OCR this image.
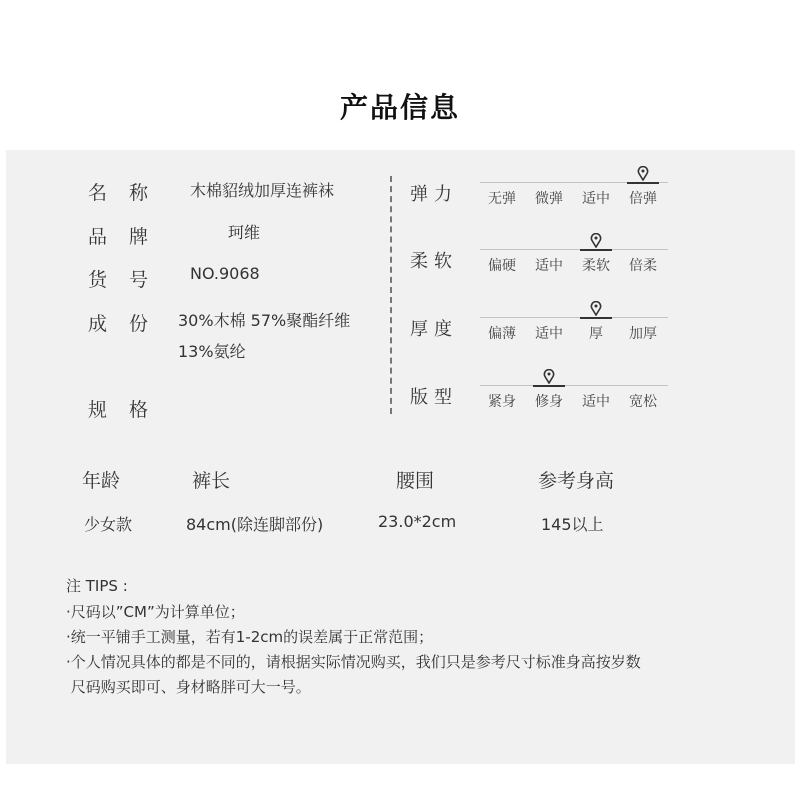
产品信息
名 称	木棉貂绒加厚连裤袜
品 牌	珂维
货 号	NO.9068
成 份 30%木棉 57%聚酯纤维
13%氨纶
规 格
弹力	无弹	微弹	适中	倍弹
柔软	偏硬	适中	柔软	倍柔
厚度	偏薄	适中	厚	加厚
版型	紧身	修身	适中	宽松
年龄	裤长	腰围	参考身高
少女款	84cm(除连脚部份)	23.0*2cm	145以上
注 TIPS :
·尺码以”CM”为计算单位；
·统一平铺手工测量，若有1-2cm的误差属于正常范围；
·个人情况具体的都是不同的，请根据实际情况购买，我们只是参考尺寸标准身高按岁数
尺码购买即可、身材略胖可大一号。
